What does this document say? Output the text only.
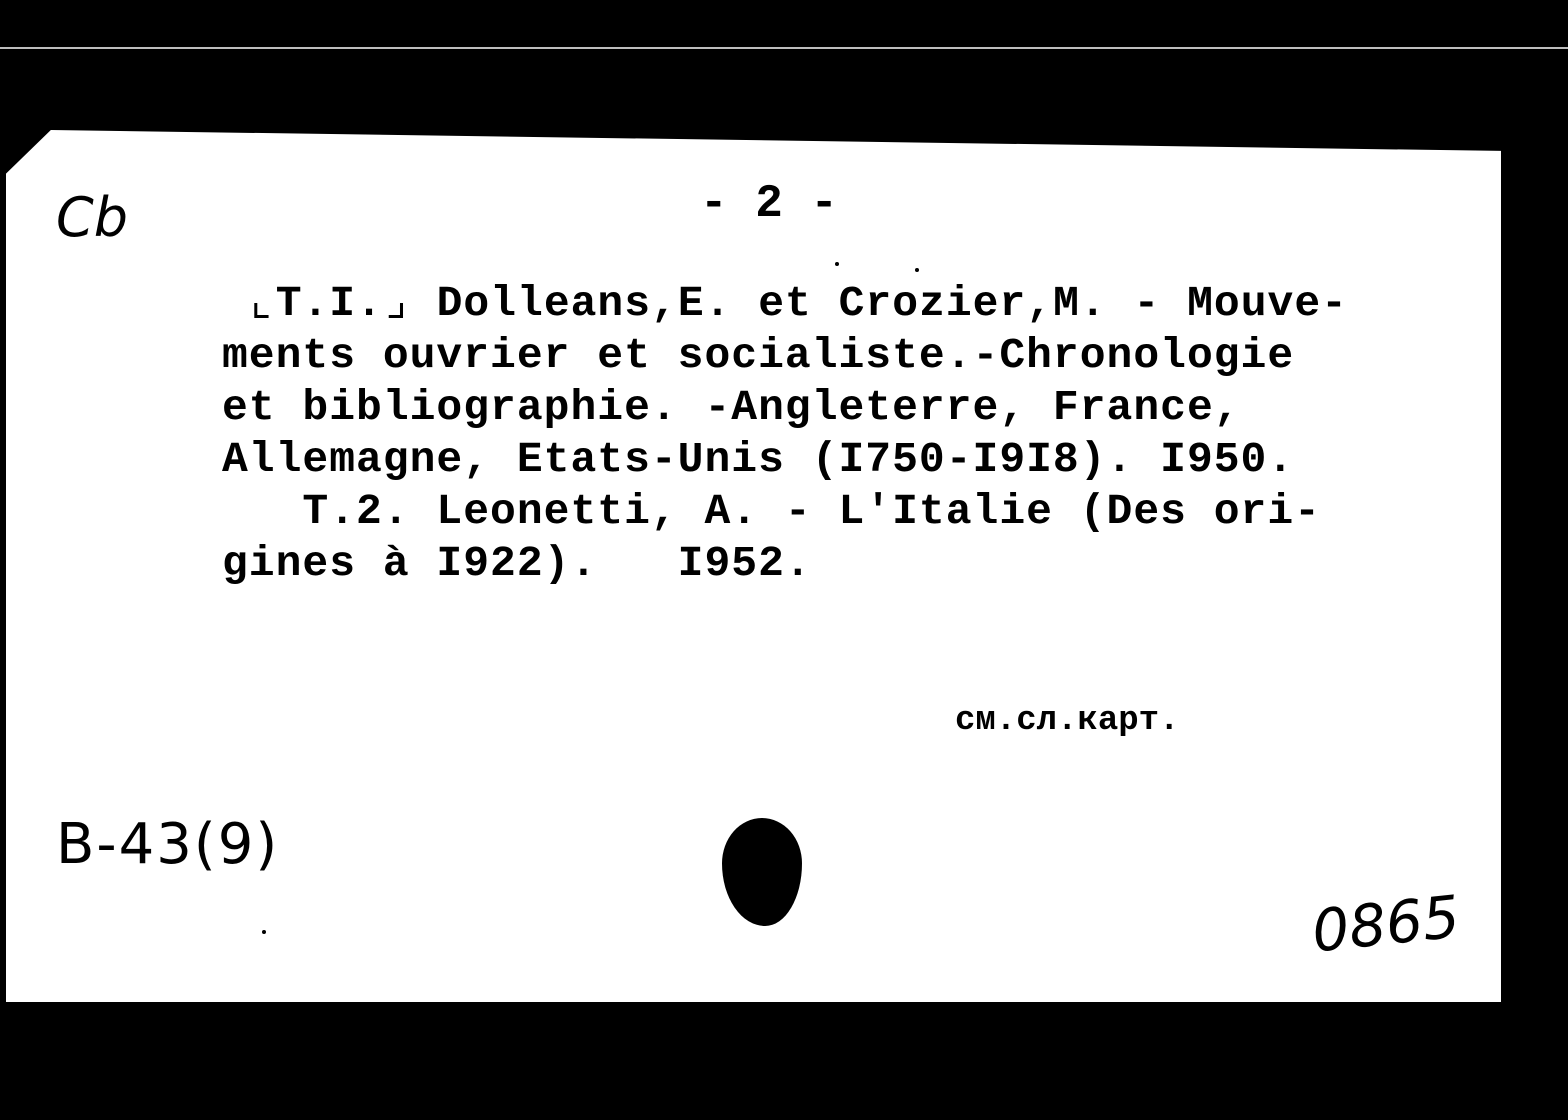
- 2 -
Cb
⌞T.I.⌟ Dolleans,E. et Crozier,M. - Mouve-
ments ouvrier et socialiste.-Chronologie
et bibliographie. -Angleterre, France,
Allemagne, Etats-Unis (I750-I9I8). I950.
T.2. Leonetti, A. - L'Italie (Des ori-
gines à I922).   I952.
см.сл.карт.
B-43(9)
0865
